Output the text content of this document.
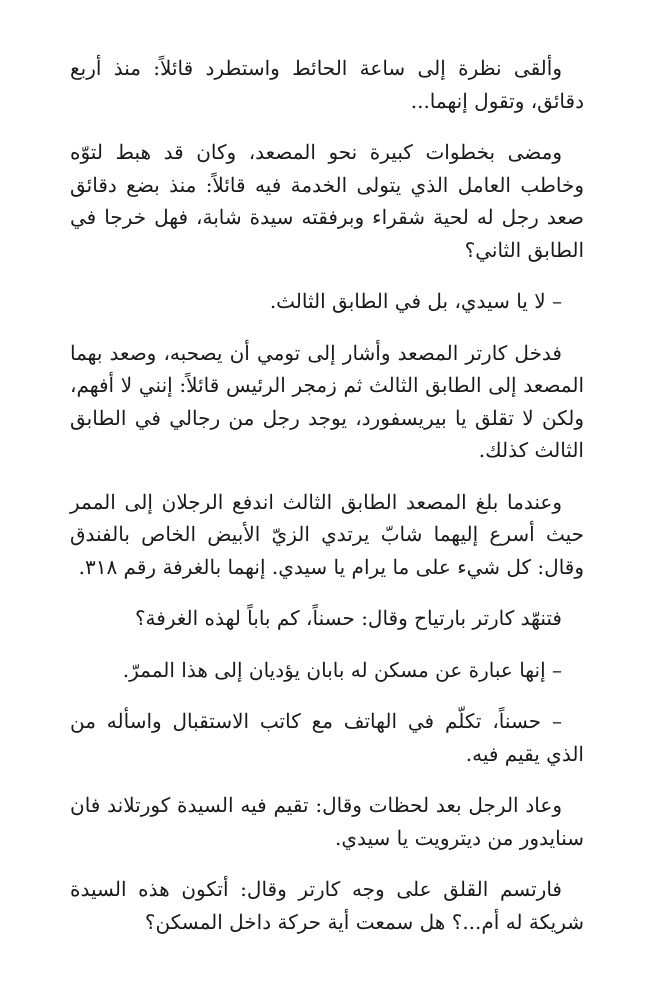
وألقى نظرة إلى ساعة الحائط واستطرد قائلاً: منذ أربع دقائق، وتقول إنهما...

ومضى بخطوات كبيرة نحو المصعد، وكان قد هبط لتوّه وخاطب العامل الذي يتولى الخدمة فيه قائلاً: منذ بضع دقائق صعد رجل له لحية شقراء وبرفقته سيدة شابة، فهل خرجا في الطابق الثاني؟

– لا يا سيدي، بل في الطابق الثالث.

فدخل كارتر المصعد وأشار إلى تومي أن يصحبه، وصعد بهما المصعد إلى الطابق الثالث ثم زمجر الرئيس قائلاً: إنني لا أفهم، ولكن لا تقلق يا بيريسفورد، يوجد رجل من رجالي في الطابق الثالث كذلك.

وعندما بلغ المصعد الطابق الثالث اندفع الرجلان إلى الممر حيث أسرع إليهما شابّ يرتدي الزيّ الأبيض الخاص بالفندق وقال: كل شيء على ما يرام يا سيدي. إنهما بالغرفة رقم ٣١٨.

فتنهّد كارتر بارتياح وقال: حسناً، كم باباً لهذه الغرفة؟

– إنها عبارة عن مسكن له بابان يؤديان إلى هذا الممرّ.

– حسناً، تكلّم في الهاتف مع كاتب الاستقبال واسأله من الذي يقيم فيه.

وعاد الرجل بعد لحظات وقال: تقيم فيه السيدة كورتلاند فان سنايدور من ديترويت يا سيدي.

فارتسم القلق على وجه كارتر وقال: أتكون هذه السيدة شريكة له أم...؟ هل سمعت أية حركة داخل المسكن؟
